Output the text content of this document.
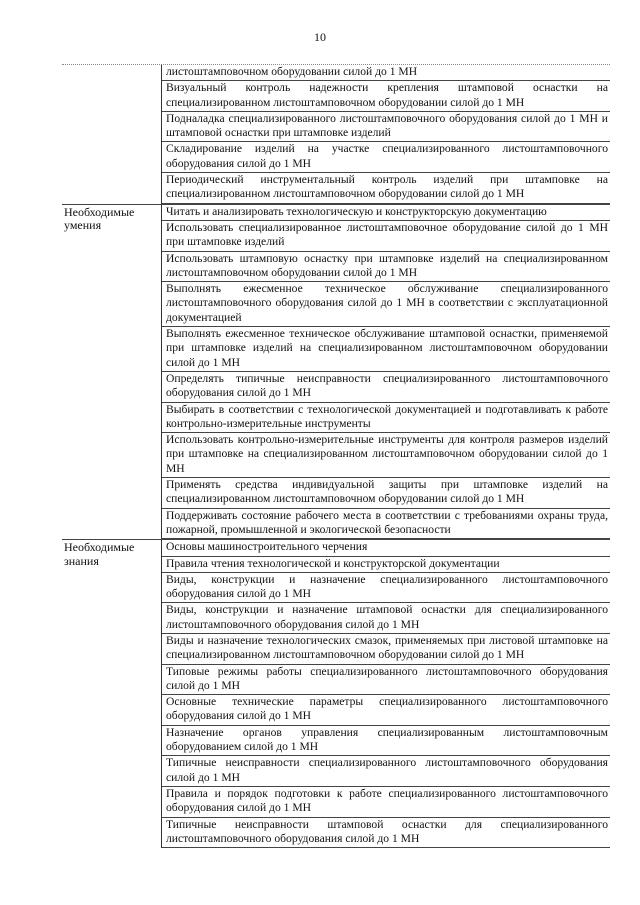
10
листоштамповочном оборудовании силой до 1 МН
Визуальный контроль надежности крепления штамповой оснастки на специализированном листоштамповочном оборудовании силой до 1 МН
Подналадка специализированного листоштамповочного оборудования силой до 1 МН и штамповой оснастки при штамповке изделий
Складирование изделий на участке специализированного листоштамповочного оборудования силой до 1 МН
Периодический инструментальный контроль изделий при штамповке на специализированном листоштамповочном оборудовании силой до 1 МН
Необходимые умения
Читать и анализировать технологическую и конструкторскую документацию
Использовать специализированное листоштамповочное оборудование силой до 1 МН при штамповке изделий
Использовать штамповую оснастку при штамповке изделий на специализированном листоштамповочном оборудовании силой до 1 МН
Выполнять ежесменное техническое обслуживание специализированного листоштамповочного оборудования силой до 1 МН в соответствии с эксплуатационной документацией
Выполнять ежесменное техническое обслуживание штамповой оснастки, применяемой при штамповке изделий на специализированном листоштамповочном оборудовании силой до 1 МН
Определять типичные неисправности специализированного листоштамповочного оборудования силой до 1 МН
Выбирать в соответствии с технологической документацией и подготавливать к работе контрольно-измерительные инструменты
Использовать контрольно-измерительные инструменты для контроля размеров изделий при штамповке на специализированном листоштамповочном оборудовании силой до 1 МН
Применять средства индивидуальной защиты при штамповке изделий на специализированном листоштамповочном оборудовании силой до 1 МН
Поддерживать состояние рабочего места в соответствии с требованиями охраны труда, пожарной, промышленной и экологической безопасности
Необходимые знания
Основы машиностроительного черчения
Правила чтения технологической и конструкторской документации
Виды, конструкции и назначение специализированного листоштамповочного оборудования силой до 1 МН
Виды, конструкции и назначение штамповой оснастки для специализированного листоштамповочного оборудования силой до 1 МН
Виды и назначение технологических смазок, применяемых при листовой штамповке на специализированном листоштамповочном оборудовании силой до 1 МН
Типовые режимы работы специализированного листоштамповочного оборудования силой до 1 МН
Основные технические параметры специализированного листоштамповочного оборудования силой до 1 МН
Назначение органов управления специализированным листоштамповочным оборудованием силой до 1 МН
Типичные неисправности специализированного листоштамповочного оборудования силой до 1 МН
Правила и порядок подготовки к работе специализированного листоштамповочного оборудования силой до 1 МН
Типичные неисправности штамповой оснастки для специализированного листоштамповочного оборудования силой до 1 МН
